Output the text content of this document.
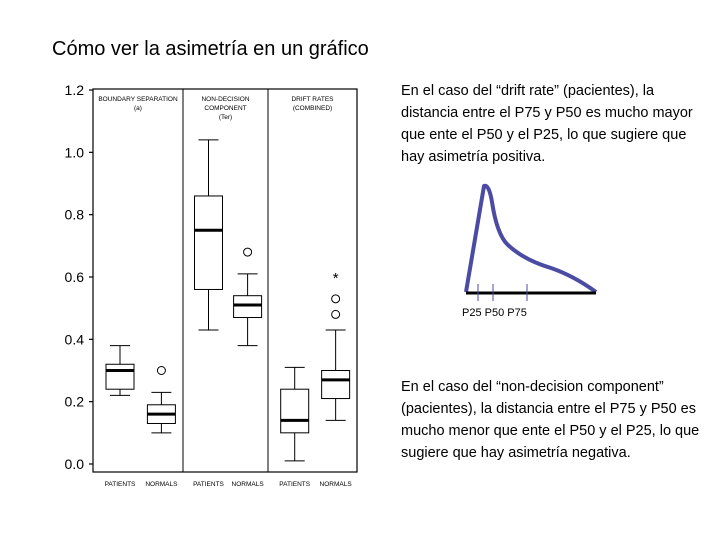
Cómo ver la asimetría en un gráfico
0.0
0.2
0.4
0.6
0.8
1.0
1.2
BOUNDARY SEPARATION
(a)
PATIENTS NORMALS
NON-DECISION
COMPONENT
(Ter)
PATIENTS NORMALS
DRIFT RATES
(COMBINED)
PATIENTS
*
NORMALS
En el caso del “drift rate” (pacientes), la distancia entre el P75 y P50 es mucho mayor que ente el P50 y el P25, lo que sugiere que hay asimetría positiva.
P25 P50 P75
En el caso del “non-decision component” (pacientes), la distancia entre el P75 y P50 es mucho menor que ente el P50 y el P25, lo que sugiere que hay asimetría negativa.
